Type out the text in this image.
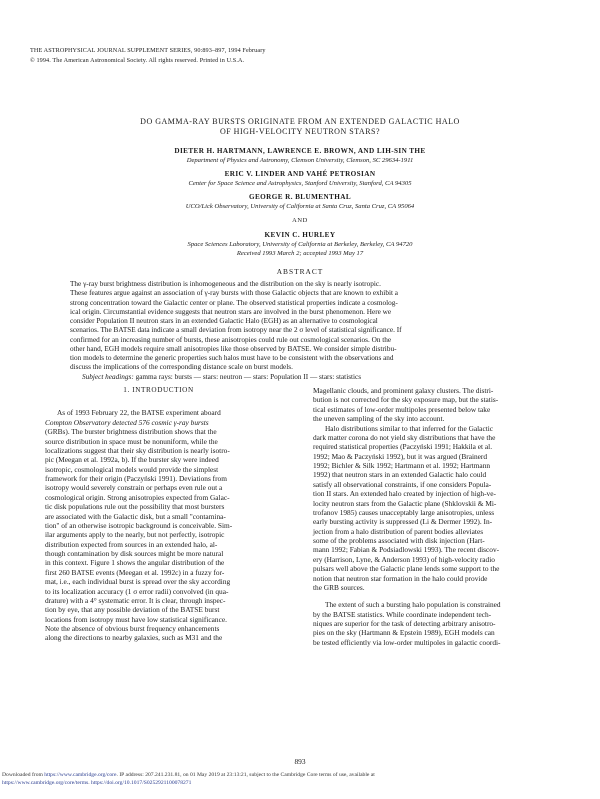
THE ASTROPHYSICAL JOURNAL SUPPLEMENT SERIES, 90:893–897, 1994 February
© 1994. The American Astronomical Society. All rights reserved. Printed in U.S.A.
DO GAMMA-RAY BURSTS ORIGINATE FROM AN EXTENDED GALACTIC HALO
OF HIGH-VELOCITY NEUTRON STARS?
DIETER H. HARTMANN, LAWRENCE E. BROWN, AND LIH-SIN THE
Department of Physics and Astronomy, Clemson University, Clemson, SC 29634-1911
ERIC V. LINDER AND VAHÉ PETROSIAN
Center for Space Science and Astrophysics, Stanford University, Stanford, CA 94305
GEORGE R. BLUMENTHAL
UCO/Lick Observatory, University of California at Santa Cruz, Santa Cruz, CA 95064
AND
KEVIN C. HURLEY
Space Sciences Laboratory, University of California at Berkeley, Berkeley, CA 94720
Received 1993 March 2; accepted 1993 May 17
ABSTRACT
The γ-ray burst brightness distribution is inhomogeneous and the distribution on the sky is nearly isotropic.
These features argue against an association of γ-ray bursts with those Galactic objects that are known to exhibit a
strong concentration toward the Galactic center or plane. The observed statistical properties indicate a cosmolog-
ical origin. Circumstantial evidence suggests that neutron stars are involved in the burst phenomenon. Here we
consider Population II neutron stars in an extended Galactic Halo (EGH) as an alternative to cosmological
scenarios. The BATSE data indicate a small deviation from isotropy near the 2 σ level of statistical significance. If
confirmed for an increasing number of bursts, these anisotropies could rule out cosmological scenarios. On the
other hand, EGH models require small anisotropies like those observed by BATSE. We consider simple distribu-
tion models to determine the generic properties such halos must have to be consistent with the observations and
discuss the implications of the corresponding distance scale on burst models.
Subject headings: gamma rays: bursts — stars: neutron — stars: Population II — stars: statistics
1. INTRODUCTION
As of 1993 February 22, the BATSE experiment aboard
Compton Observatory detected 576 cosmic γ-ray bursts
(GRBs). The burster brightness distribution shows that the
source distribution in space must be nonuniform, while the
localizations suggest that their sky distribution is nearly isotro-
pic (Meegan et al. 1992a, b). If the burster sky were indeed
isotropic, cosmological models would provide the simplest
framework for their origin (Paczyński 1991). Deviations from
isotropy would severely constrain or perhaps even rule out a
cosmological origin. Strong anisotropies expected from Galac-
tic disk populations rule out the possibility that most bursters
are associated with the Galactic disk, but a small "contamina-
tion" of an otherwise isotropic background is conceivable. Sim-
ilar arguments apply to the nearly, but not perfectly, isotropic
distribution expected from sources in an extended halo, al-
though contamination by disk sources might be more natural
in this context. Figure 1 shows the angular distribution of the
first 260 BATSE events (Meegan et al. 1992c) in a fuzzy for-
mat, i.e., each individual burst is spread over the sky according
to its localization accuracy (1 σ error radii) convolved (in qua-
drature) with a 4° systematic error. It is clear, through inspec-
tion by eye, that any possible deviation of the BATSE burst
locations from isotropy must have low statistical significance.
Note the absence of obvious burst frequency enhancements
along the directions to nearby galaxies, such as M31 and the
Magellanic clouds, and prominent galaxy clusters. The distri-
bution is not corrected for the sky exposure map, but the statis-
tical estimates of low-order multipoles presented below take
the uneven sampling of the sky into account.
Halo distributions similar to that inferred for the Galactic
dark matter corona do not yield sky distributions that have the
required statistical properties (Paczyński 1991; Hakkila et al.
1992; Mao & Paczyński 1992), but it was argued (Brainerd
1992; Bichler & Silk 1992; Hartmann et al. 1992; Hartmann
1992) that neutron stars in an extended Galactic halo could
satisfy all observational constraints, if one considers Popula-
tion II stars. An extended halo created by injection of high-ve-
locity neutron stars from the Galactic plane (Shklovskii & Mi-
trofanov 1985) causes unacceptably large anisotropies, unless
early bursting activity is suppressed (Li & Dermer 1992). In-
jection from a halo distribution of parent bodies alleviates
some of the problems associated with disk injection (Hart-
mann 1992; Fabian & Podsiadlowski 1993). The recent discov-
ery (Harrison, Lyne, & Anderson 1993) of high-velocity radio
pulsars well above the Galactic plane lends some support to the
notion that neutron star formation in the halo could provide
the GRB sources.
The extent of such a bursting halo population is constrained
by the BATSE statistics. While coordinate independent tech-
niques are superior for the task of detecting arbitrary anisotro-
pies on the sky (Hartmann & Epstein 1989), EGH models can
be tested efficiently via low-order multipoles in galactic coordi-
893
Downloaded from https://www.cambridge.org/core. IP address: 207.241.231.81, on 01 May 2019 at 23:13:21, subject to the Cambridge Core terms of use, available at
https://www.cambridge.org/core/terms. https://doi.org/10.1017/S0252921100078271
